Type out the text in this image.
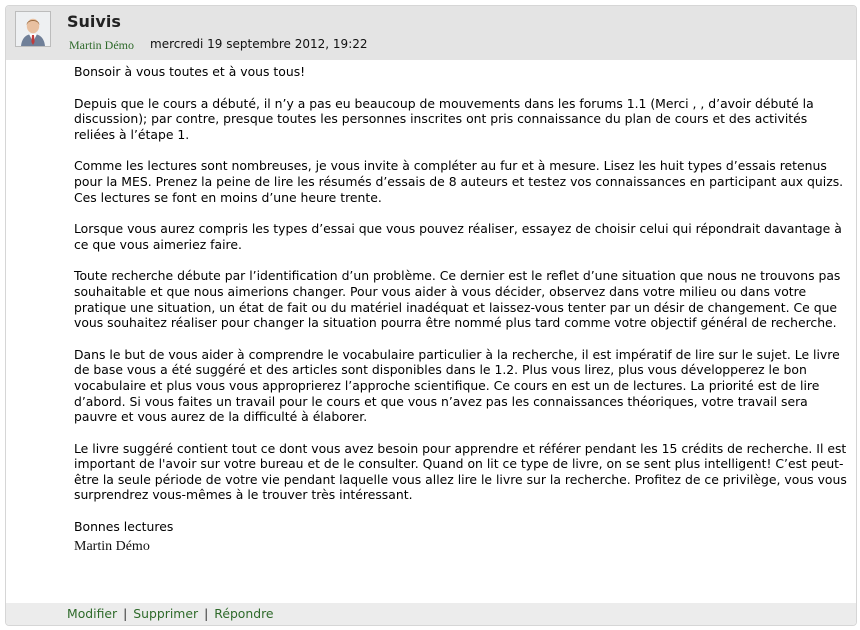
Suivis
Martin Démo mercredi 19 septembre 2012, 19:22

Bonsoir à vous toutes et à vous tous!

Depuis que le cours a débuté, il n’y a pas eu beaucoup de mouvements dans les forums 1.1 (Merci , , d’avoir débuté la discussion); par contre, presque toutes les personnes inscrites ont pris connaissance du plan de cours et des activités reliées à l’étape 1.

Comme les lectures sont nombreuses, je vous invite à compléter au fur et à mesure. Lisez les huit types d’essais retenus pour la MES. Prenez la peine de lire les résumés d’essais de 8 auteurs et testez vos connaissances en participant aux quizs. Ces lectures se font en moins d’une heure trente.

Lorsque vous aurez compris les types d’essai que vous pouvez réaliser, essayez de choisir celui qui répondrait davantage à ce que vous aimeriez faire.

Toute recherche débute par l’identification d’un problème. Ce dernier est le reflet d’une situation que nous ne trouvons pas souhaitable et que nous aimerions changer. Pour vous aider à vous décider, observez dans votre milieu ou dans votre pratique une situation, un état de fait ou du matériel inadéquat et laissez-vous tenter par un désir de changement. Ce que vous souhaitez réaliser pour changer la situation pourra être nommé plus tard comme votre objectif général de recherche.

Dans le but de vous aider à comprendre le vocabulaire particulier à la recherche, il est impératif de lire sur le sujet. Le livre de base vous a été suggéré et des articles sont disponibles dans le 1.2. Plus vous lirez, plus vous développerez le bon vocabulaire et plus vous vous approprierez l’approche scientifique. Ce cours en est un de lectures. La priorité est de lire d’abord. Si vous faites un travail pour le cours et que vous n’avez pas les connaissances théoriques, votre travail sera pauvre et vous aurez de la difficulté à élaborer.

Le livre suggéré contient tout ce dont vous avez besoin pour apprendre et référer pendant les 15 crédits de recherche. Il est important de l'avoir sur votre bureau et de le consulter. Quand on lit ce type de livre, on se sent plus intelligent! C’est peut-être la seule période de votre vie pendant laquelle vous allez lire le livre sur la recherche. Profitez de ce privilège, vous vous surprendrez vous-mêmes à le trouver très intéressant.

Bonnes lectures

Martin Démo
Modifier | Supprimer | Répondre
